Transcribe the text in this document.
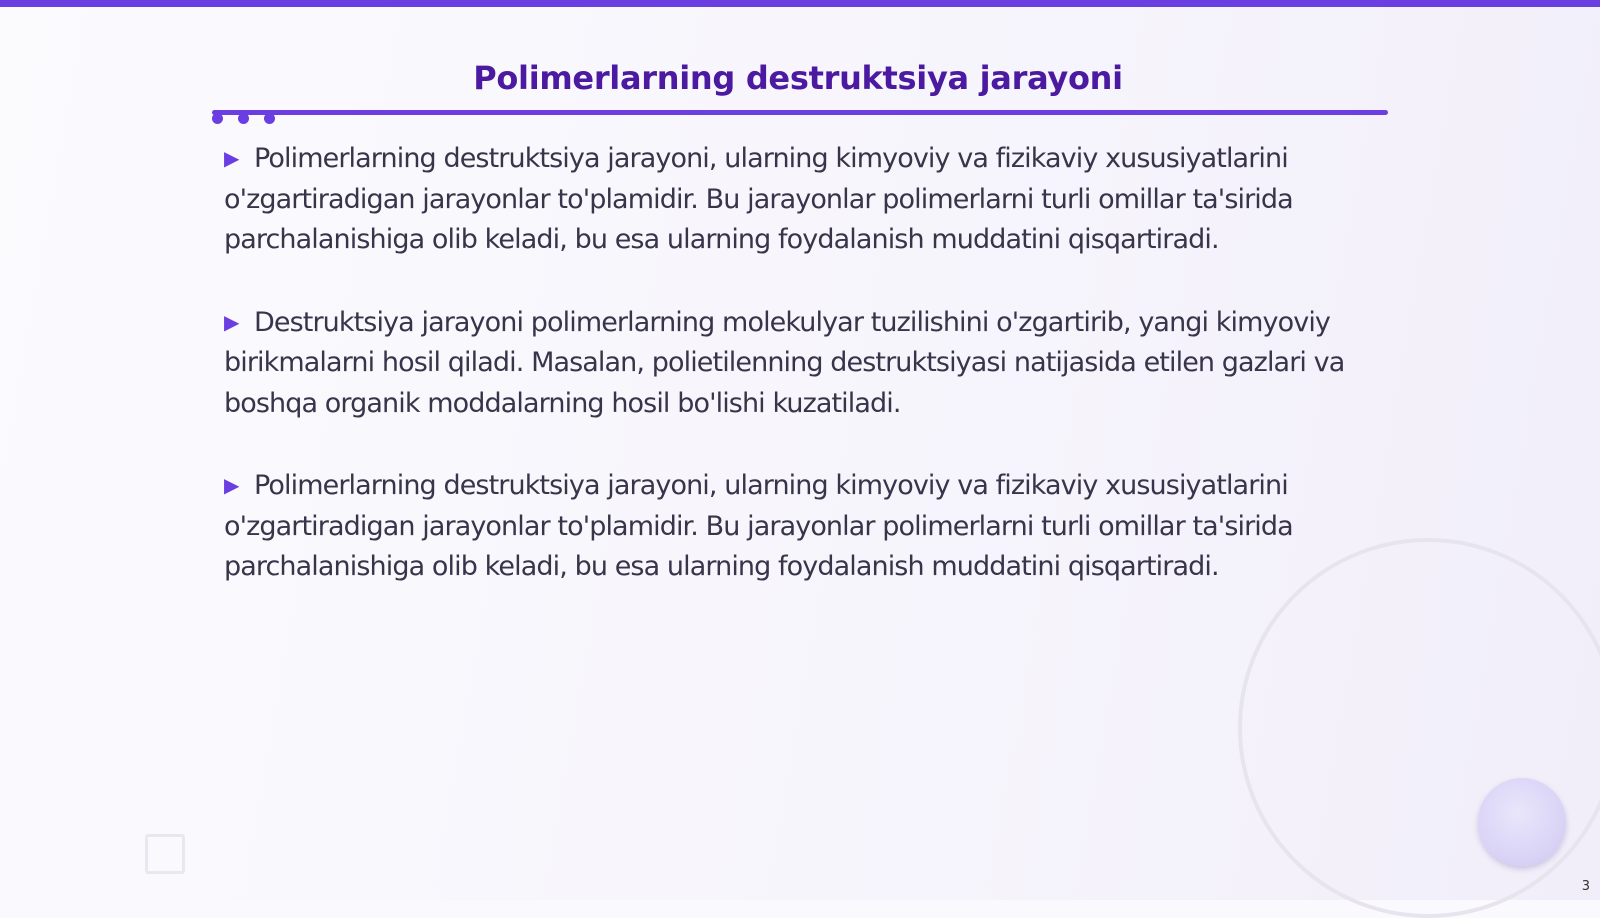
Polimerlarning destruktsiya jarayoni

▶ Polimerlarning destruktsiya jarayoni, ularning kimyoviy va fizikaviy xususiyatlarini o'zgartiradigan jarayonlar to'plamidir. Bu jarayonlar polimerlarni turli omillar ta'sirida parchalanishiga olib keladi, bu esa ularning foydalanish muddatini qisqartiradi.

▶ Destruktsiya jarayoni polimerlarning molekulyar tuzilishini o'zgartirib, yangi kimyoviy birikmalarni hosil qiladi. Masalan, polietilenning destruktsiyasi natijasida etilen gazlari va boshqa organik moddalarning hosil bo'lishi kuzatiladi.

▶ Polimerlarning destruktsiya jarayoni, ularning kimyoviy va fizikaviy xususiyatlarini o'zgartiradigan jarayonlar to'plamidir. Bu jarayonlar polimerlarni turli omillar ta'sirida parchalanishiga olib keladi, bu esa ularning foydalanish muddatini qisqartiradi.

3
